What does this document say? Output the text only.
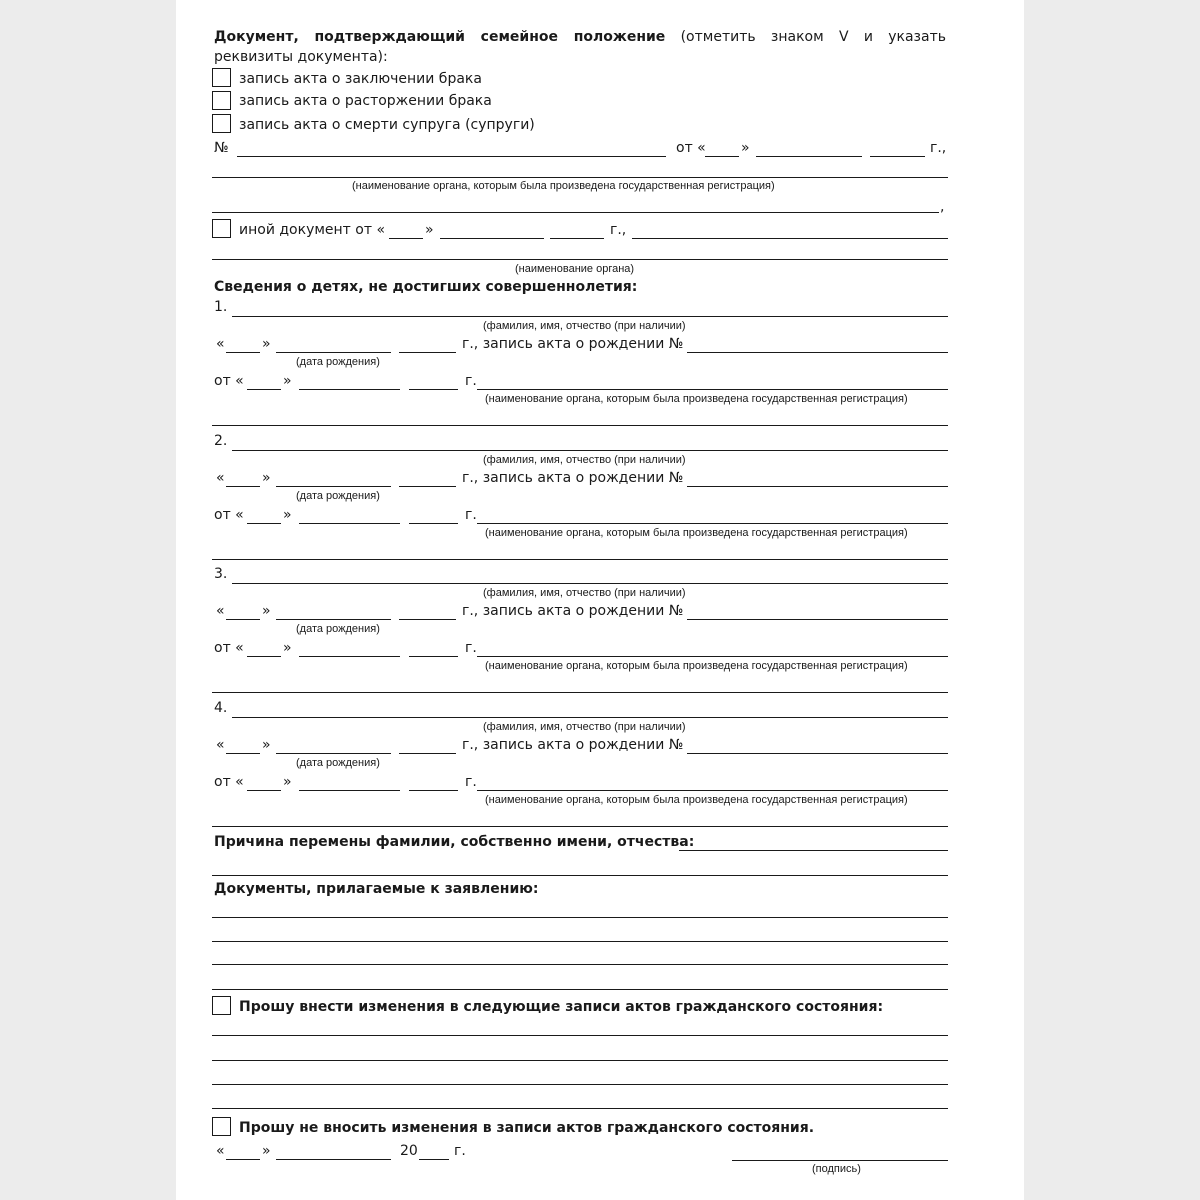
Документ, подтверждающий семейное положение (отметить знаком V и указать
реквизиты документа):
запись акта о заключении брака
запись акта о расторжении брака
запись акта о смерти супруга (супруги)
№	от «	»	г.,
(наименование органа, которым была произведена государственная регистрация)
,
иной документ от «	»	г.,
(наименование органа)
Сведения о детях, не достигших совершеннолетия:
1.
(фамилия, имя, отчество (при наличии)
«	»	г., запись акта о рождении №
(дата рождения)
от «	»	г.
(наименование органа, которым была произведена государственная регистрация)
2.
(фамилия, имя, отчество (при наличии)
«	»	г., запись акта о рождении №
(дата рождения)
от «	»	г.
(наименование органа, которым была произведена государственная регистрация)
3.
(фамилия, имя, отчество (при наличии)
«	»	г., запись акта о рождении №
(дата рождения)
от «	»	г.
(наименование органа, которым была произведена государственная регистрация)
4.
(фамилия, имя, отчество (при наличии)
«	»	г., запись акта о рождении №
(дата рождения)
от «	»	г.
(наименование органа, которым была произведена государственная регистрация)
Причина перемены фамилии, собственно имени, отчества:
Документы, прилагаемые к заявлению:
Прошу внести изменения в следующие записи актов гражданского состояния:
Прошу не вносить изменения в записи актов гражданского состояния.
«	»	20	г.
(подпись)
